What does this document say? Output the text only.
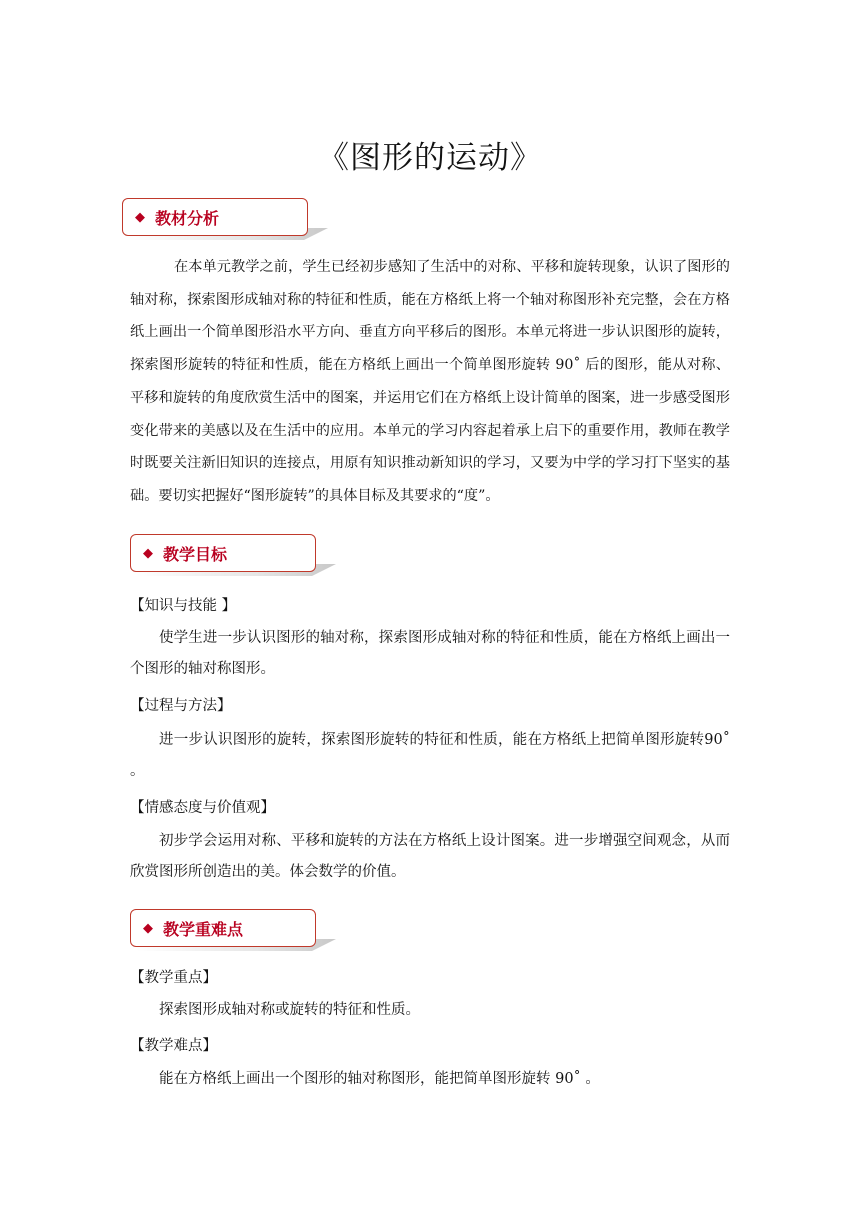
《图形的运动》
◆ 教材分析

在本单元教学之前，学生已经初步感知了生活中的对称、平移和旋转现象，认识了图形的轴对称，探索图形成轴对称的特征和性质，能在方格纸上将一个轴对称图形补充完整，会在方格纸上画出一个简单图形沿水平方向、垂直方向平移后的图形。本单元将进一步认识图形的旋转，探索图形旋转的特征和性质，能在方格纸上画出一个简单图形旋转 90˚ 后的图形，能从对称、平移和旋转的角度欣赏生活中的图案，并运用它们在方格纸上设计简单的图案，进一步感受图形变化带来的美感以及在生活中的应用。本单元的学习内容起着承上启下的重要作用，教师在教学时既要关注新旧知识的连接点，用原有知识推动新知识的学习，又要为中学的学习打下坚实的基础。要切实把握好“图形旋转”的具体目标及其要求的“度”。

◆ 教学目标
【知识与技能 】

使学生进一步认识图形的轴对称，探索图形成轴对称的特征和性质，能在方格纸上画出一个图形的轴对称图形。

【过程与方法】

进一步认识图形的旋转，探索图形旋转的特征和性质，能在方格纸上把简单图形旋转90˚ 。

【情感态度与价值观】

初步学会运用对称、平移和旋转的方法在方格纸上设计图案。进一步增强空间观念，从而欣赏图形所创造出的美。体会数学的价值。

◆ 教学重难点
【教学重点】

探索图形成轴对称或旋转的特征和性质。

【教学难点】

能在方格纸上画出一个图形的轴对称图形，能把简单图形旋转 90˚ 。
